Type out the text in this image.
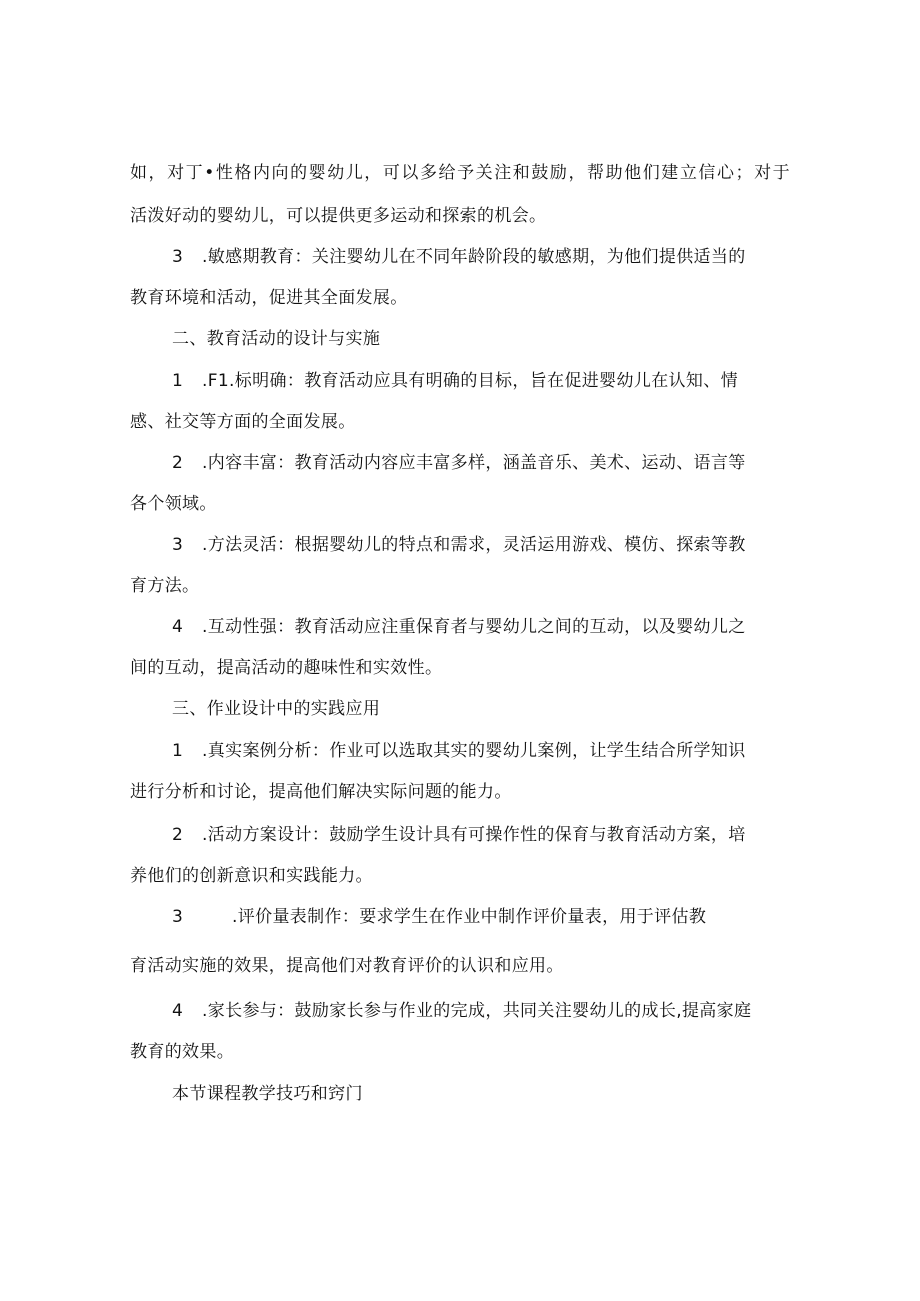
如，对丁•性格内向的婴幼儿，可以多给予关注和鼓励，帮助他们建立信心；对于
活泼好动的婴幼儿，可以提供更多运动和探索的机会。
3 .敏感期教育：关注婴幼儿在不同年龄阶段的敏感期，为他们提供适当的
教育环境和活动，促进其全面发展。
二、教育活动的设计与实施
1 .F1.标明确：教育活动应具有明确的目标，旨在促进婴幼儿在认知、情
感、社交等方面的全面发展。
2 .内容丰富：教育活动内容应丰富多样，涵盖音乐、美术、运动、语言等
各个领域。
3 .方法灵活：根据婴幼儿的特点和需求，灵活运用游戏、模仿、探索等教
育方法。
4 .互动性强：教育活动应注重保育者与婴幼儿之间的互动，以及婴幼儿之
间的互动，提高活动的趣味性和实效性。
三、作业设计中的实践应用
1 .真实案例分析：作业可以选取其实的婴幼儿案例，让学生结合所学知识
进行分析和讨论，提高他们解决实际问题的能力。
2 .活动方案设计：鼓励学生设计具有可操作性的保育与教育活动方案，培
养他们的创新意识和实践能力。
3	.评价量表制作：要求学生在作业中制作评价量表，用于评估教
育活动实施的效果，提高他们对教育评价的认识和应用。
4 .家长参与：鼓励家长参与作业的完成，共同关注婴幼儿的成长,提高家庭
教育的效果。
本节课程教学技巧和窍门
